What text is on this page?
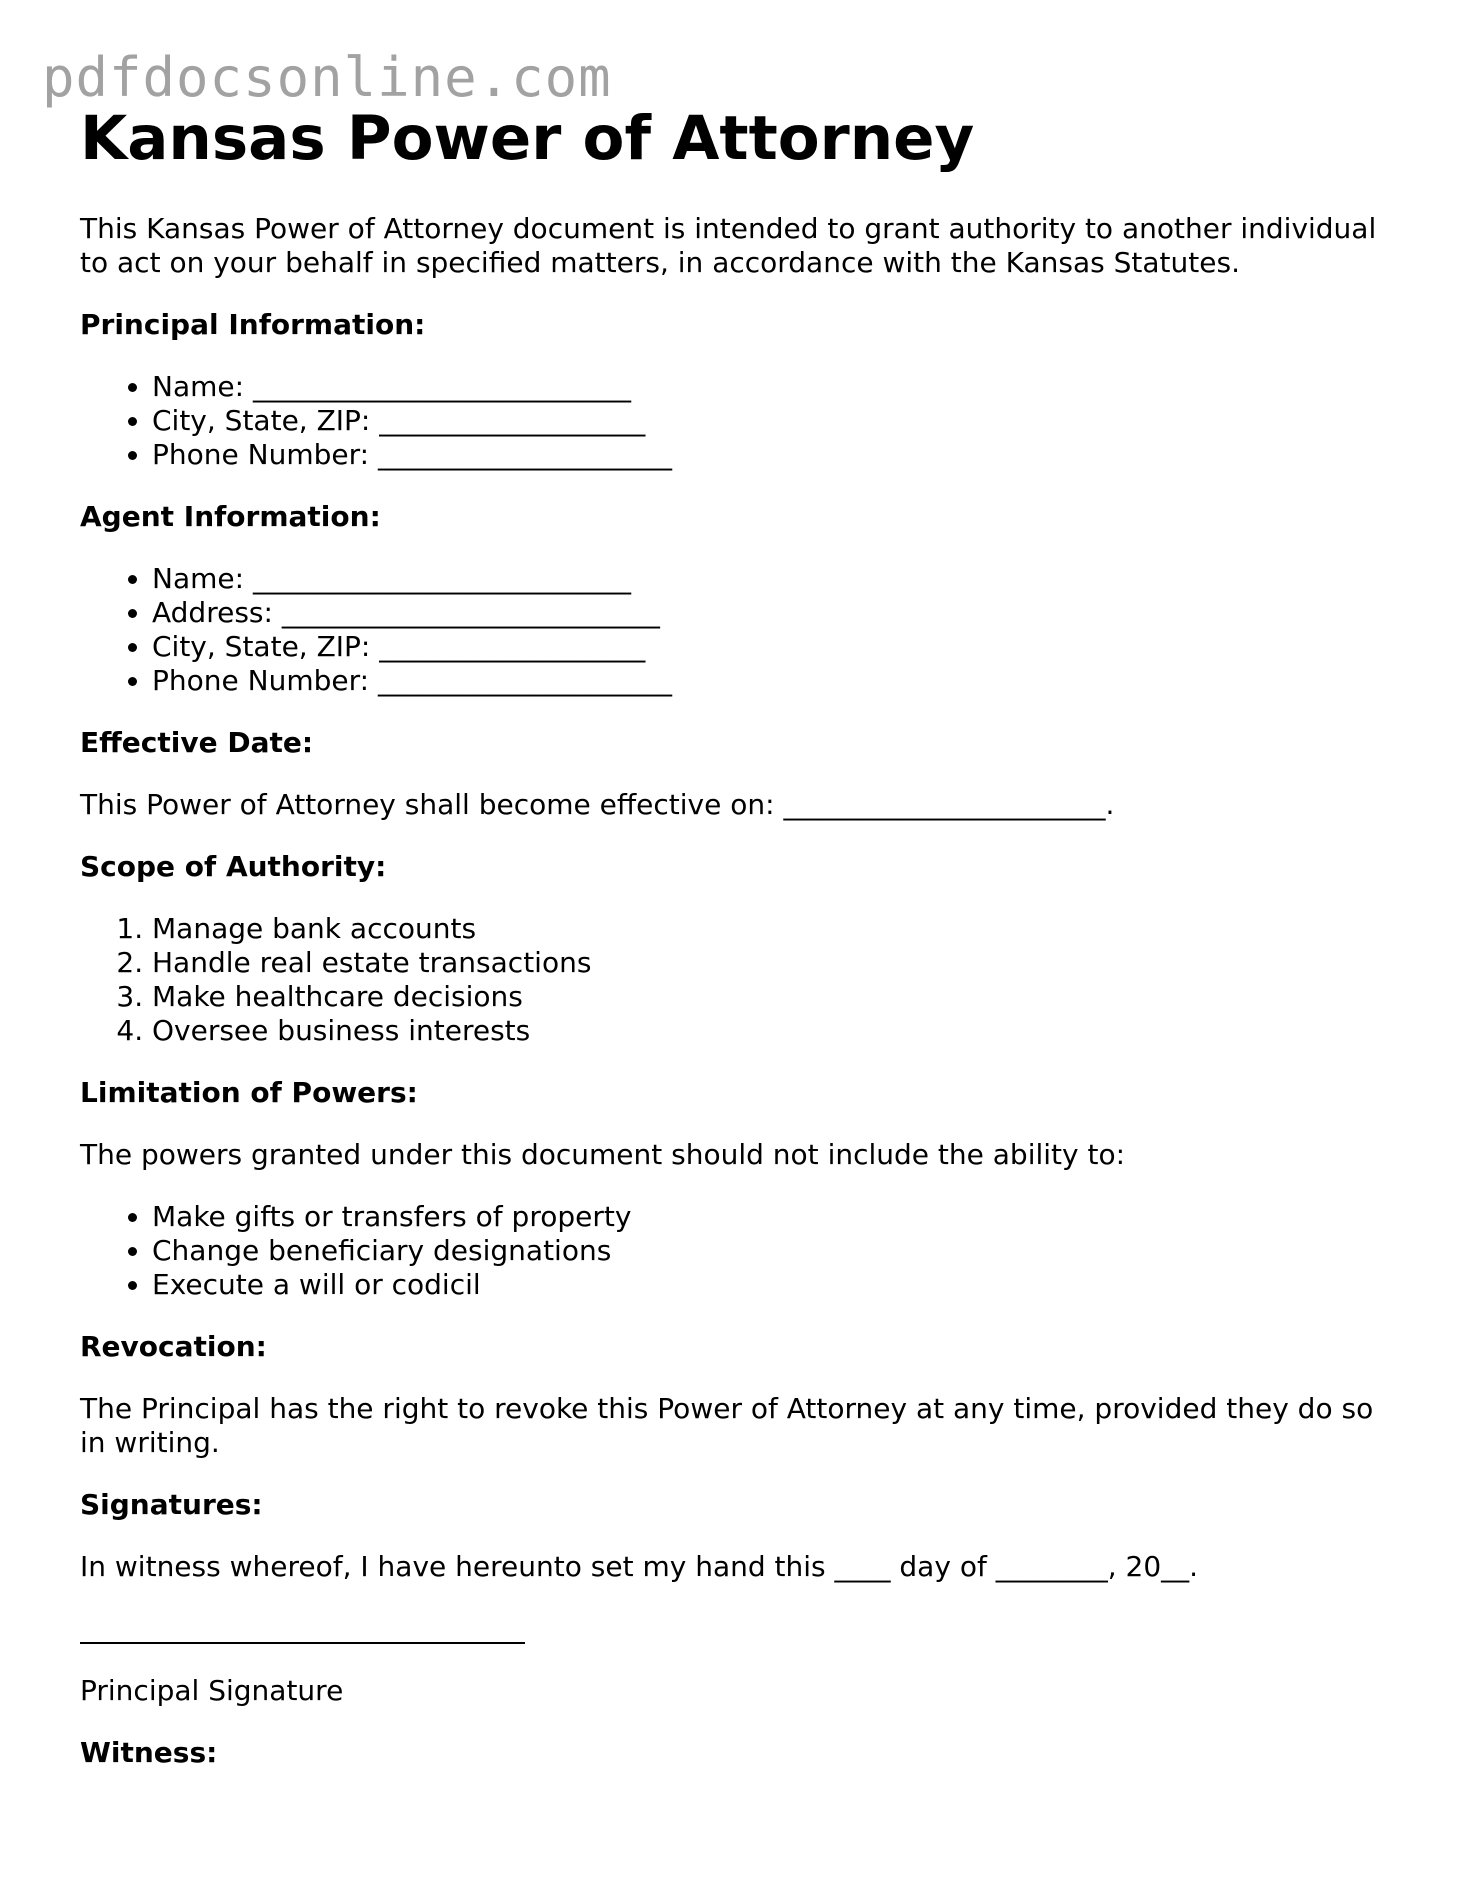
pdfdocsonline.com
Kansas Power of Attorney

This Kansas Power of Attorney document is intended to grant authority to another individual to act on your behalf in specified matters, in accordance with the Kansas Statutes.

Principal Information:

• Name: ___________________________
• City, State, ZIP: ___________________
• Phone Number: _____________________

Agent Information:

• Name: ___________________________
• Address: ___________________________
• City, State, ZIP: ___________________
• Phone Number: _____________________

Effective Date:

This Power of Attorney shall become effective on: _______________________.

Scope of Authority:

1. Manage bank accounts
2. Handle real estate transactions
3. Make healthcare decisions
4. Oversee business interests

Limitation of Powers:

The powers granted under this document should not include the ability to:

• Make gifts or transfers of property
• Change beneficiary designations
• Execute a will or codicil

Revocation:

The Principal has the right to revoke this Power of Attorney at any time, provided they do so in writing.

Signatures:

In witness whereof, I have hereunto set my hand this ____ day of ________, 20__.

Principal Signature

Witness:
